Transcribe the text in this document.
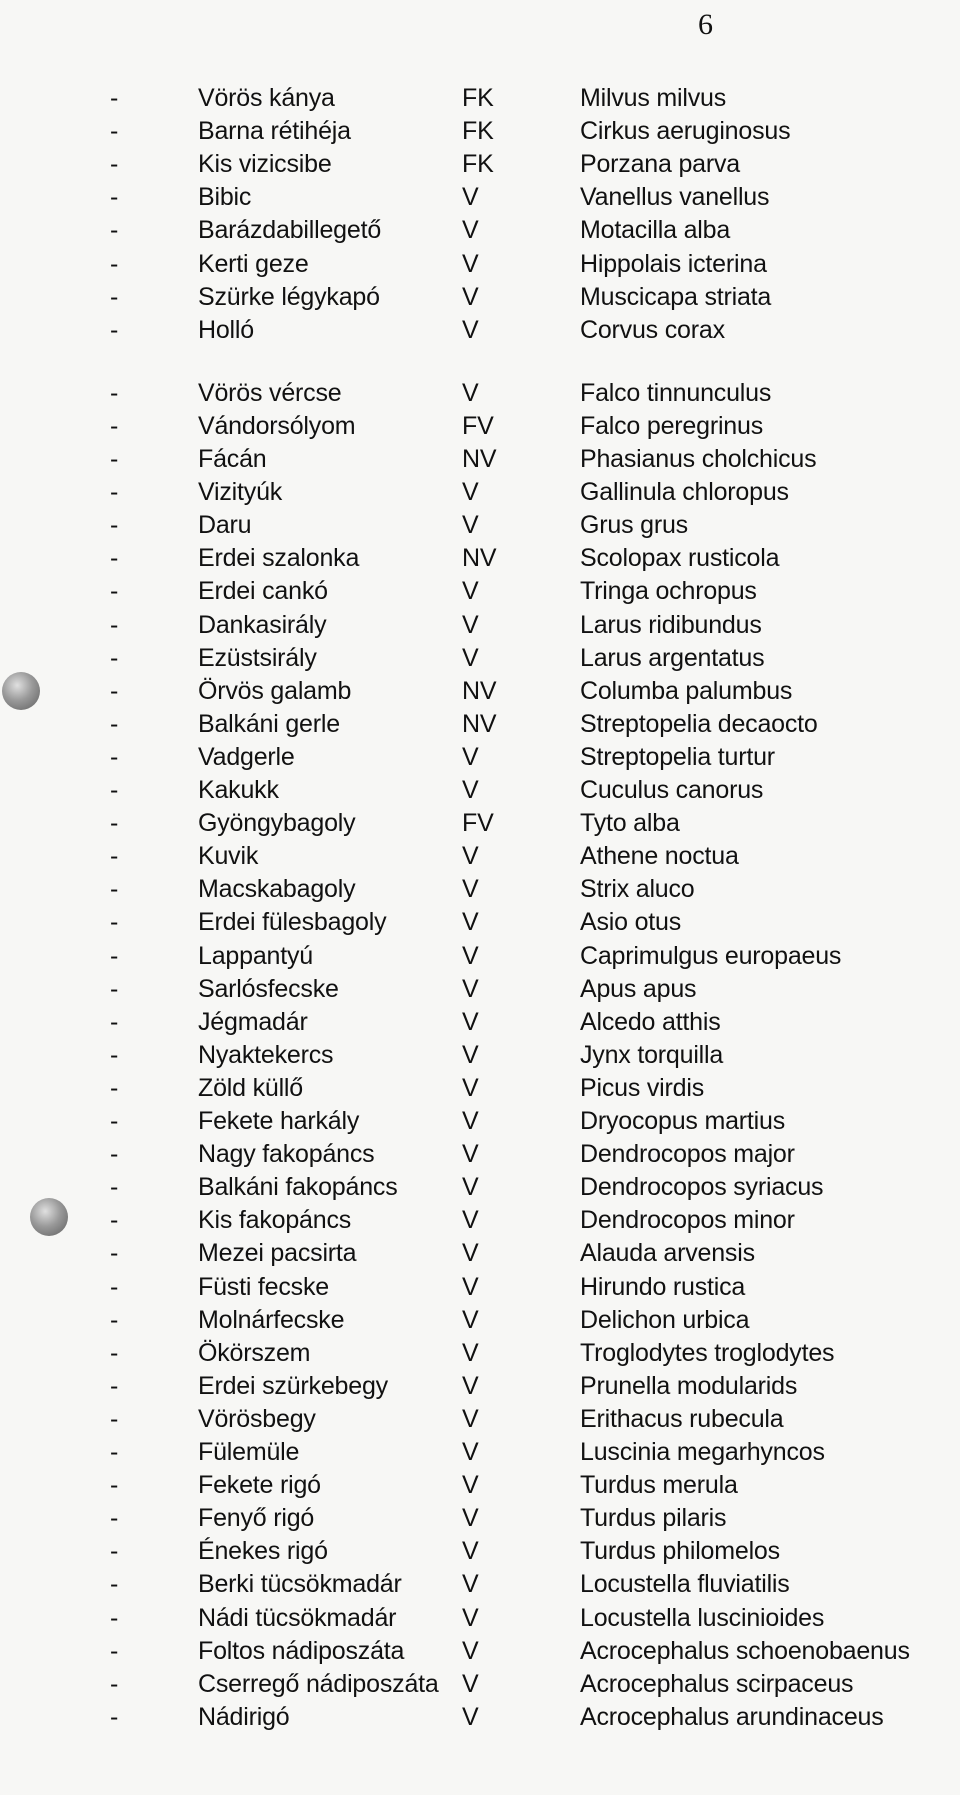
6
-	Vörös kánya	FK	Milvus milvus
-	Barna rétihéja	FK	Cirkus aeruginosus
-	Kis vizicsibe	FK	Porzana parva
-	Bibic	V	Vanellus vanellus
-	Barázdabillegető	V	Motacilla alba
-	Kerti geze	V	Hippolais icterina
-	Szürke légykapó	V	Muscicapa striata
-	Holló	V	Corvus corax
-	Vörös vércse	V	Falco tinnunculus
-	Vándorsólyom	FV	Falco peregrinus
-	Fácán	NV	Phasianus cholchicus
-	Vizityúk	V	Gallinula chloropus
-	Daru	V	Grus grus
-	Erdei szalonka	NV	Scolopax rusticola
-	Erdei cankó	V	Tringa ochropus
-	Dankasirály	V	Larus ridibundus
-	Ezüstsirály	V	Larus argentatus
-	Örvös galamb	NV	Columba palumbus
-	Balkáni gerle	NV	Streptopelia decaocto
-	Vadgerle	V	Streptopelia turtur
-	Kakukk	V	Cuculus canorus
-	Gyöngybagoly	FV	Tyto alba
-	Kuvik	V	Athene noctua
-	Macskabagoly	V	Strix aluco
-	Erdei fülesbagoly	V	Asio otus
-	Lappantyú	V	Caprimulgus europaeus
-	Sarlósfecske	V	Apus apus
-	Jégmadár	V	Alcedo atthis
-	Nyaktekercs	V	Jynx torquilla
-	Zöld küllő	V	Picus virdis
-	Fekete harkály	V	Dryocopus martius
-	Nagy fakopáncs	V	Dendrocopos major
-	Balkáni fakopáncs	V	Dendrocopos syriacus
-	Kis fakopáncs	V	Dendrocopos minor
-	Mezei pacsirta	V	Alauda arvensis
-	Füsti fecske	V	Hirundo rustica
-	Molnárfecske	V	Delichon urbica
-	Ökörszem	V	Troglodytes troglodytes
-	Erdei szürkebegy	V	Prunella modularids
-	Vörösbegy	V	Erithacus rubecula
-	Fülemüle	V	Luscinia megarhyncos
-	Fekete rigó	V	Turdus merula
-	Fenyő rigó	V	Turdus pilaris
-	Énekes rigó	V	Turdus philomelos
-	Berki tücsökmadár V	Locustella fluviatilis
-	Nádi tücsökmadár	V	Locustella luscinioides
-	Foltos nádiposzáta V	Acrocephalus schoenobaenus
-	Cserregő nádiposzáta V	Acrocephalus scirpaceus
-	Nádirigó	V	Acrocephalus arundinaceus
